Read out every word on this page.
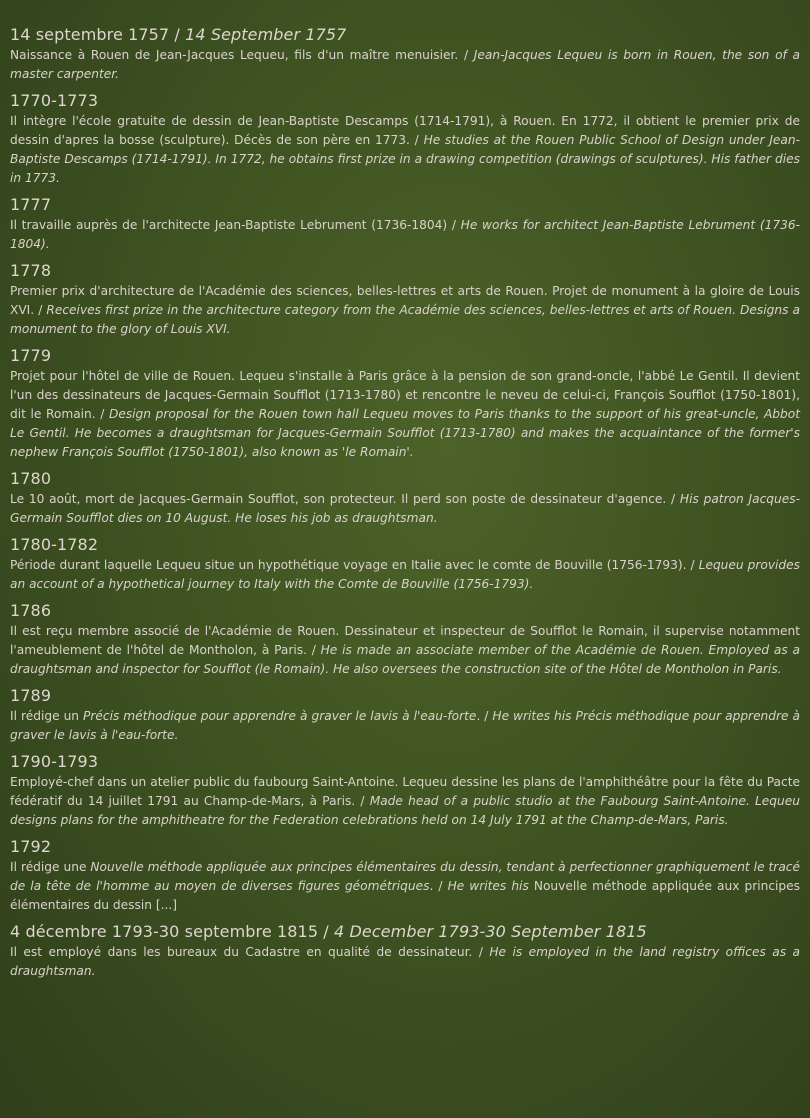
14 septembre 1757 / 14 September 1757

Naissance à Rouen de Jean-Jacques Lequeu, fils d'un maître menuisier. / Jean-Jacques Lequeu is born in Rouen, the son of a master carpenter.

1770-1773

Il intègre l'école gratuite de dessin de Jean-Baptiste Descamps (1714-1791), à Rouen. En 1772, il obtient le premier prix de dessin d'apres la bosse (sculpture). Décès de son père en 1773. / He studies at the Rouen Public School of Design under Jean-Baptiste Descamps (1714-1791). In 1772, he obtains first prize in a drawing competition (drawings of sculptures). His father dies in 1773.

1777

Il travaille auprès de l'architecte Jean-Baptiste Lebrument (1736-1804) / He works for architect Jean-Baptiste Lebrument (1736-1804).

1778

Premier prix d'architecture de l'Académie des sciences, belles-lettres et arts de Rouen. Projet de monument à la gloire de Louis XVI. / Receives first prize in the architecture category from the Académie des sciences, belles-lettres et arts of Rouen. Designs a monument to the glory of Louis XVI.

1779

Projet pour l'hôtel de ville de Rouen. Lequeu s'installe à Paris grâce à la pension de son grand-oncle, l'abbé Le Gentil. Il devient l'un des dessinateurs de Jacques-Germain Soufflot (1713-1780) et rencontre le neveu de celui-ci, François Soufflot (1750-1801), dit le Romain. / Design proposal for the Rouen town hall Lequeu moves to Paris thanks to the support of his great-uncle, Abbot Le Gentil. He becomes a draughtsman for Jacques-Germain Soufflot (1713-1780) and makes the acquaintance of the former's nephew François Soufflot (1750-1801), also known as 'le Romain'.

1780

Le 10 août, mort de Jacques-Germain Soufflot, son protecteur. Il perd son poste de dessinateur d'agence. / His patron Jacques-Germain Soufflot dies on 10 August. He loses his job as draughtsman.

1780-1782

Période durant laquelle Lequeu situe un hypothétique voyage en Italie avec le comte de Bouville (1756-1793). / Lequeu provides an account of a hypothetical journey to Italy with the Comte de Bouville (1756-1793).

1786

Il est reçu membre associé de l'Académie de Rouen. Dessinateur et inspecteur de Soufflot le Romain, il supervise notamment l'ameublement de l'hôtel de Montholon, à Paris. / He is made an associate member of the Académie de Rouen. Employed as a draughtsman and inspector for Soufflot (le Romain). He also oversees the construction site of the Hôtel de Montholon in Paris.

1789

Il rédige un Précis méthodique pour apprendre à graver le lavis à l'eau-forte. / He writes his Précis méthodique pour apprendre à graver le lavis à l'eau-forte.

1790-1793

Employé-chef dans un atelier public du faubourg Saint-Antoine. Lequeu dessine les plans de l'amphithéâtre pour la fête du Pacte fédératif du 14 juillet 1791 au Champ-de-Mars, à Paris. / Made head of a public studio at the Faubourg Saint-Antoine. Lequeu designs plans for the amphitheatre for the Federation celebrations held on 14 July 1791 at the Champ-de-Mars, Paris.

1792

Il rédige une Nouvelle méthode appliquée aux principes élémentaires du dessin, tendant à perfectionner graphiquement le tracé de la tête de l'homme au moyen de diverses figures géométriques. / He writes his Nouvelle méthode appliquée aux principes élémentaires du dessin [...]

4 décembre 1793-30 septembre 1815 / 4 December 1793-30 September 1815

Il est employé dans les bureaux du Cadastre en qualité de dessinateur. / He is employed in the land registry offices as a draughtsman.
